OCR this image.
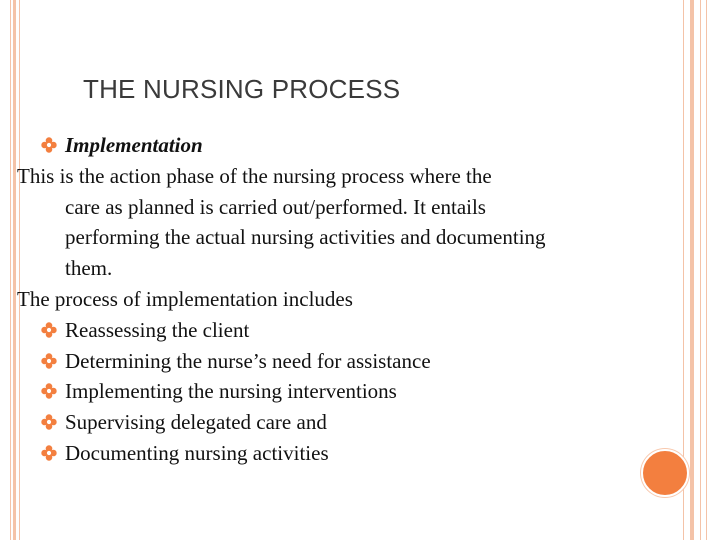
THE NURSING PROCESS
Implementation
This is the action phase of the nursing process where the
care as planned is carried out/performed. It entails
performing the actual nursing activities and documenting
them.
The process of implementation includes
Reassessing the client
Determining the nurse’s need for assistance
Implementing the nursing interventions
Supervising delegated care and
Documenting nursing activities
